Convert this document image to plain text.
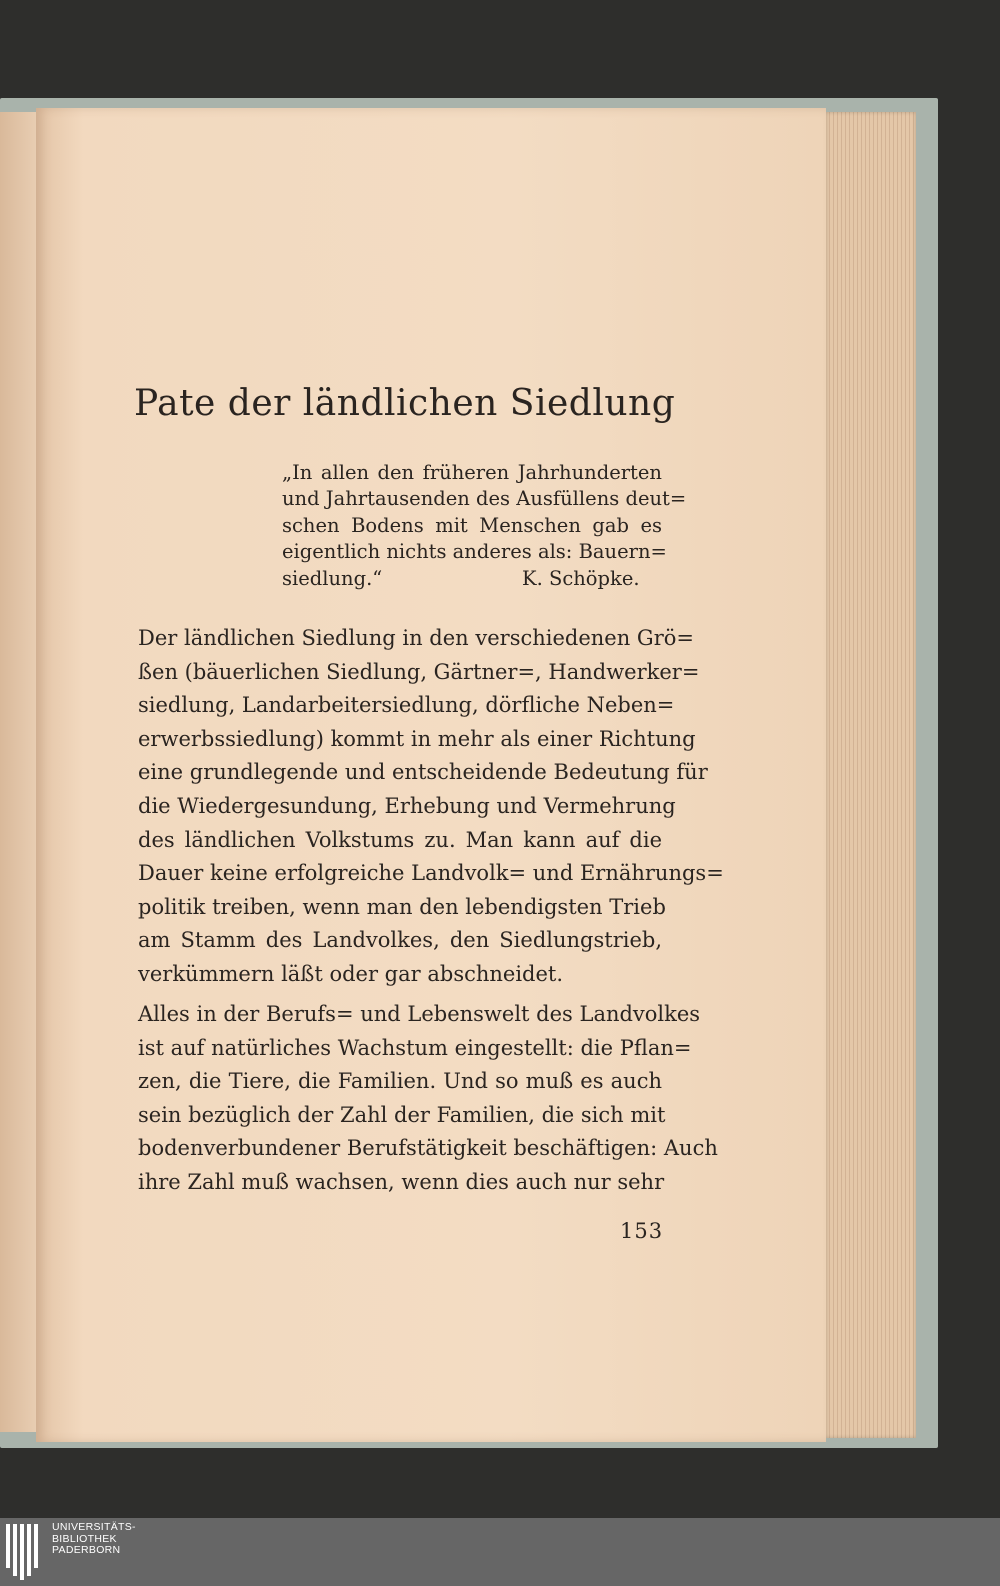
Pate der ländlichen Siedlung
„In allen den früheren Jahrhunderten
und Jahrtausenden des Ausfüllens deut=
schen Bodens mit Menschen gab es
eigentlich nichts anderes als: Bauern=
siedlung.“	K. Schöpke.
Der ländlichen Siedlung in den verschiedenen Grö=
ßen (bäuerlichen Siedlung, Gärtner=, Handwerker=
siedlung, Landarbeitersiedlung, dörfliche Neben=
erwerbssiedlung) kommt in mehr als einer Richtung
eine grundlegende und entscheidende Bedeutung für
die Wiedergesundung, Erhebung und Vermehrung
des ländlichen Volkstums zu. Man kann auf die
Dauer keine erfolgreiche Landvolk= und Ernährungs=
politik treiben, wenn man den lebendigsten Trieb
am Stamm des Landvolkes, den Siedlungstrieb,
verkümmern läßt oder gar abschneidet.
Alles in der Berufs= und Lebenswelt des Landvolkes
ist auf natürliches Wachstum eingestellt: die Pflan=
zen, die Tiere, die Familien. Und so muß es auch
sein bezüglich der Zahl der Familien, die sich mit
bodenverbundener Berufstätigkeit beschäftigen: Auch
ihre Zahl muß wachsen, wenn dies auch nur sehr
153
UNIVERSITÄTS-
BIBLIOTHEK
PADERBORN
